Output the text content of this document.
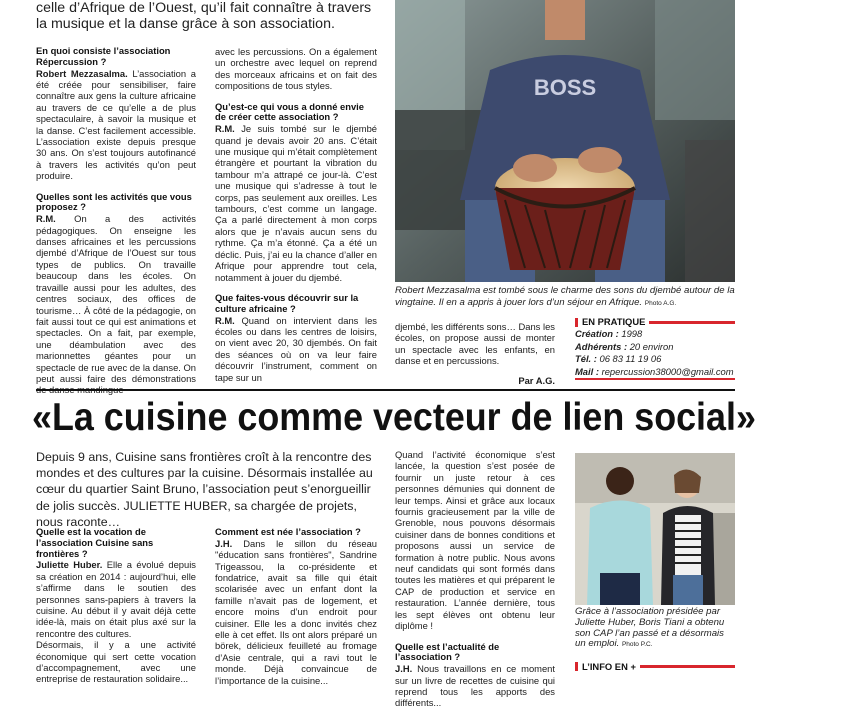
celle d’Afrique de l’Ouest, qu’il fait connaître à travers
la musique et la danse grâce à son association.
En quoi consiste l’association Répercussion ?

Robert Mezzasalma. L’association a été créée pour sensibiliser, faire connaître aux gens la culture africaine au travers de ce qu’elle a de plus spectaculaire, à savoir la musique et la danse. C’est facilement accessible. L’association existe depuis presque 30 ans. On s’est toujours autofinancé à travers les activités qu’on peut produire.

Quelles sont les activités que vous proposez ?

R.M. On a des activités pédagogiques. On enseigne les danses africaines et les percussions djembé d’Afrique de l’Ouest sur tous types de publics. On travaille beaucoup dans les écoles. On travaille aussi pour les adultes, des centres sociaux, des offices de tourisme… À côté de la pédagogie, on fait aussi tout ce qui est animations et spectacles. On a fait, par exemple, une déambulation avec des marionnettes géantes pour un spectacle de rue avec de la danse. On peut aussi faire des démonstrations

avec les percussions. On a également un orchestre avec lequel on reprend des morceaux africains et on fait des compositions de tous styles.

Qu’est-ce qui vous a donné envie de créer cette association ?

R.M. Je suis tombé sur le djembé quand je devais avoir 20 ans. C’était une musique qui m’était complètement étrangère et pourtant la vibration du tambour m’a attrapé ce jour-là. C’est une musique qui s’adresse à tout le corps, pas seulement aux oreilles. Les tambours, c’est comme un langage. Ça a parlé directement à mon corps alors que je n’avais aucun sens du rythme. Ça m’a étonné. Ça a été un déclic. Puis, j’ai eu la chance d’aller en Afrique pour apprendre tout cela, notamment à jouer du djembé.

Que faites-vous découvrir sur la culture africaine ?

R.M. Quand on intervient dans les écoles ou dans les centres de loisirs, on vient avec 20, 30 djembés. On fait des séances où on va leur faire découvrir l’instrument, comment on tape sur un

BOSS
Robert Mezzasalma est tombé sous le charme des sons du djembé autour de la vingtaine. Il en a appris à jouer lors d’un séjour en Afrique. Photo A.G.

djembé, les différents sons… Dans les écoles, on propose aussi de monter un spectacle avec les enfants, en danse et en percussions.

Par A.G.

EN PRATIQUE
Création : 1998
Adhérents : 20 environ
Tél. : 06 83 11 19 06
Mail : repercussion38000@gmail.com
«La cuisine comme vecteur de lien social»
Depuis 9 ans, Cuisine sans frontières croît à la rencontre des mondes et des cultures par la cuisine. Désormais installée au cœur du quartier Saint Bruno, l’association peut s’enorgueillir de jolis succès. JULIETTE HUBER, sa chargée de projets, nous raconte…
Quelle est la vocation de l’association Cuisine sans frontières ?

Juliette Huber. Elle a évolué depuis sa création en 2014 : aujourd’hui, elle s’affirme dans le soutien des personnes sans-papiers à travers la cuisine. Au début il y avait déjà cette idée-là, mais on était plus axé sur la rencontre des cultures.

Désormais, il y a une activité économique qui sert cette vocation d’accompagnement, avec une entreprise de restauration solidaire...

Comment est née l’association ?

J.H. Dans le sillon du réseau "éducation sans frontières", Sandrine Trigeassou, la co-présidente et fondatrice, avait sa fille qui était scolarisée avec un enfant dont la famille n’avait pas de logement, et encore moins d’un endroit pour cuisiner. Elle les a donc invités chez elle à cet effet. Ils ont alors préparé un börek, délicieux feuilleté au fromage d’Asie centrale, qui a ravi tout le monde. Déjà convaincue de l’importance de la cuisine...

Quand l’activité économique s’est lancée, la question s’est posée de fournir un juste retour à ces personnes démunies qui donnent de leur temps. Ainsi et grâce aux locaux fournis gracieusement par la ville de Grenoble, nous pouvons désormais cuisiner dans de bonnes conditions et proposons aussi un service de formation à notre public. Nous avons neuf candidats qui sont formés dans toutes les matières et qui préparent le CAP de production et service en restauration. L’année dernière, tous les sept élèves ont obtenu leur diplôme !

Quelle est l’actualité de l’association ?

J.H. Nous travaillons en ce moment sur un livre de recettes de cuisine qui reprend tous les apports des différents...

Grâce à l’association présidée par Juliette Huber, Boris Tiani a obtenu son CAP l’an passé et a désormais un emploi. Photo P.C.
L’INFO EN +
